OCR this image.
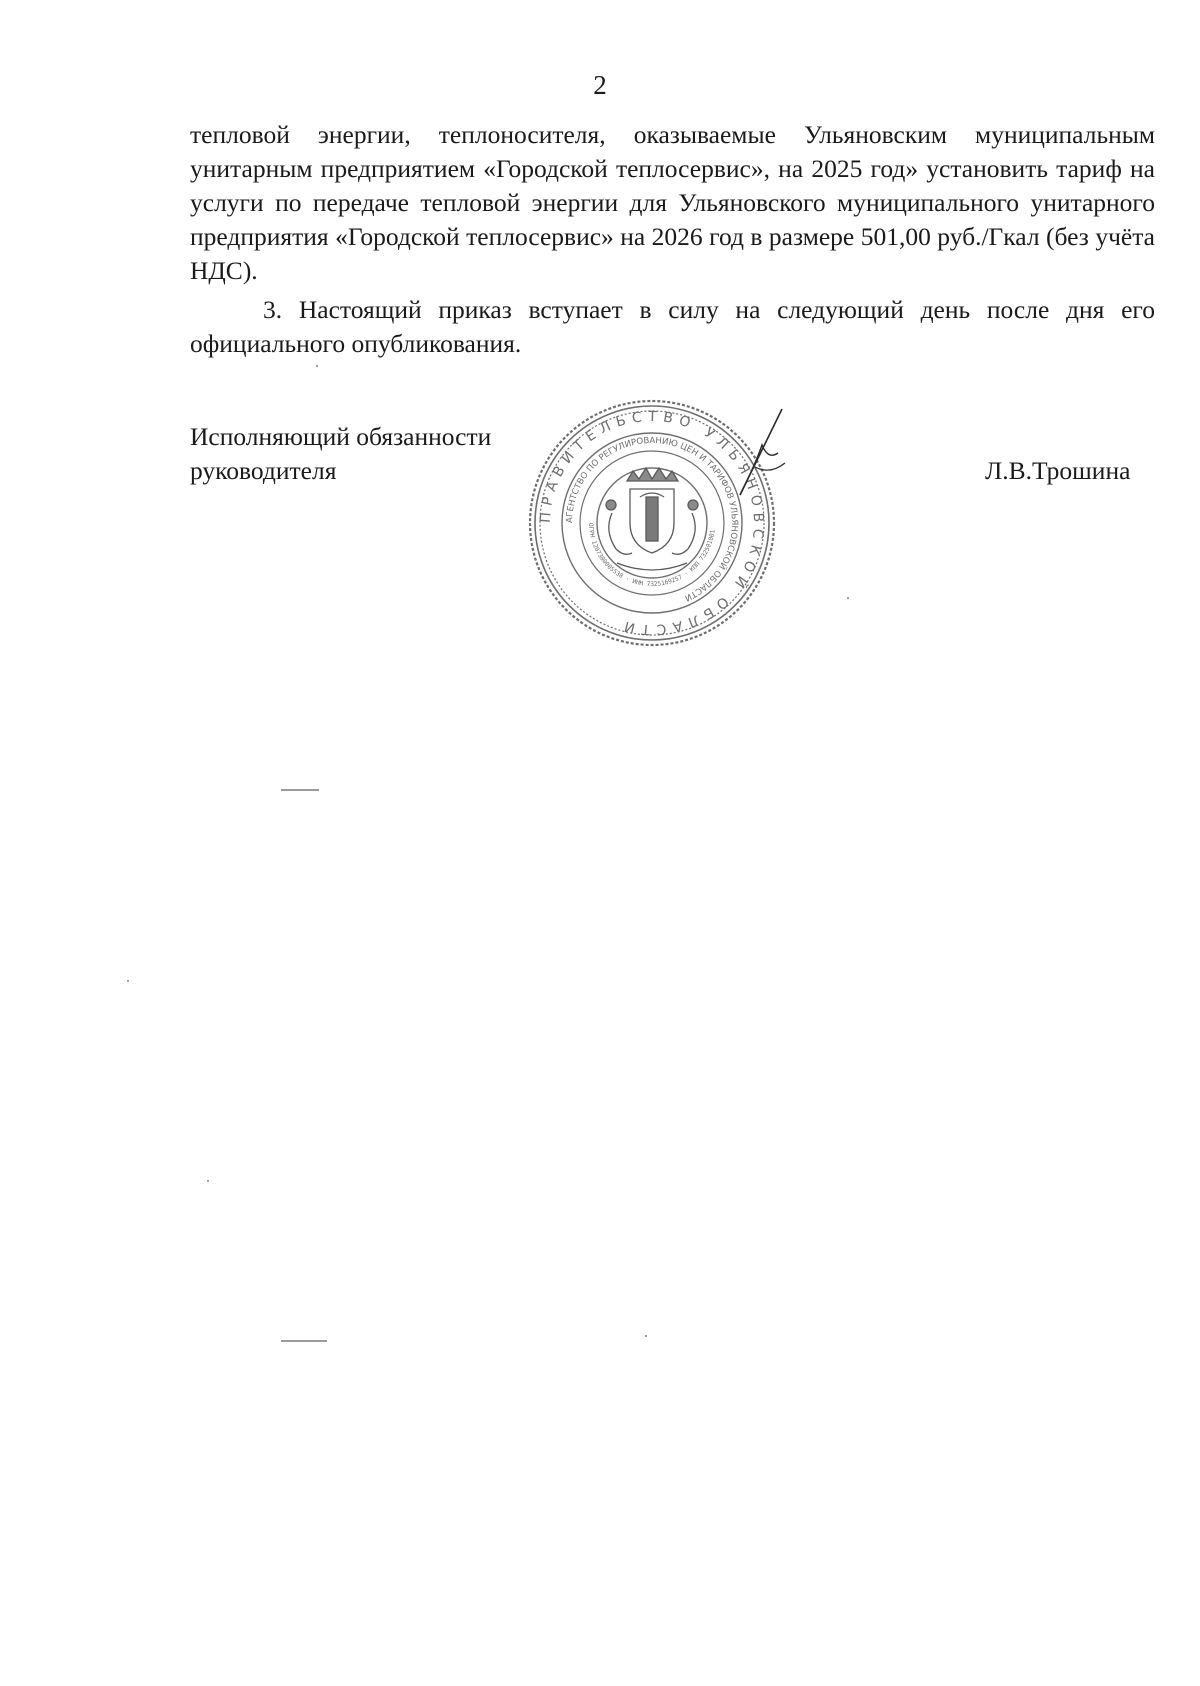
2

тепловой энергии, теплоносителя, оказываемые Ульяновским муниципальным унитарным предприятием «Городской теплосервис», на 2025 год» установить тариф на услуги по передаче тепловой энергии для Ульяновского муниципального унитарного предприятия «Городской теплосервис» на 2026 год в размере 501,00 руб./Гкал (без учёта НДС).

3. Настоящий приказ вступает в силу на следующий день после дня его официального опубликования.

Исполняющий обязанности
руководителя	Л.В.Трошина
ПРАВИТЕЛЬСТВО УЛЬЯНОВСКОЙ ОБЛАСТИ
АГЕНТСТВО ПО РЕГУЛИРОВАНИЮ ЦЕН И ТАРИФОВ УЛЬЯНОВСКОЙ ОБЛАСТИ
ОГРН 1207300005538 · ИНН 7325169257 · КПП 732501001
